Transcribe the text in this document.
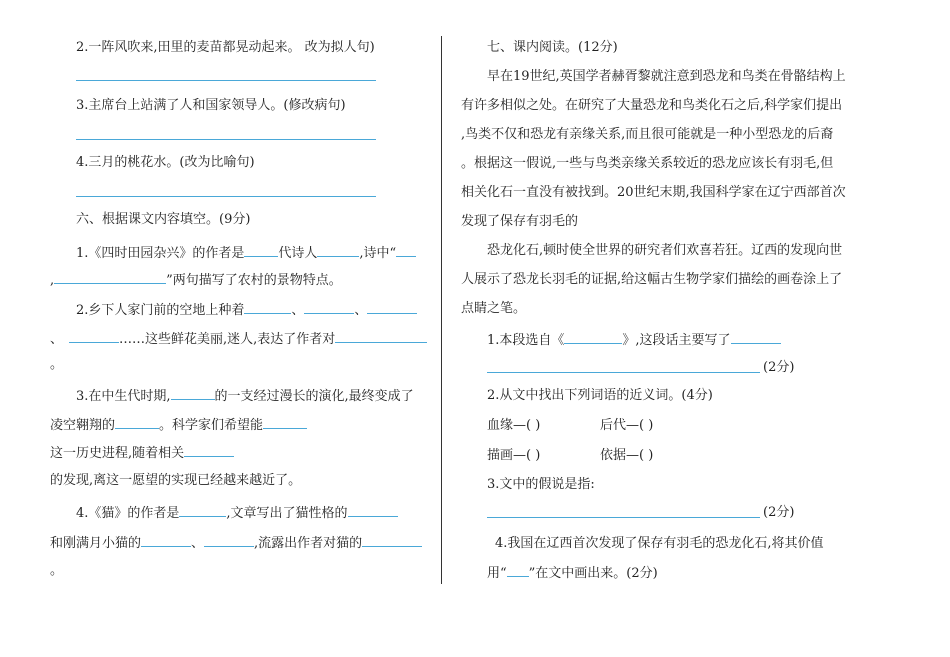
2.一阵风吹来,田里的麦苗都晃动起来。 改为拟人句)
3.主席台上站满了人和国家领导人。(修改病句)
4.三月的桃花水。(改为比喻句)
六、根据课文内容填空。(9分)
1.《四时田园杂兴》的作者是	代诗人	,诗中“
,	”两句描写了农村的景物特点。
2.乡下人家门前的空地上种着	、	、
、	……这些鲜花美丽,迷人,表达了作者对
。
3.在中生代时期,	的一支经过漫长的演化,最终变成了
凌空翱翔的	。科学家们希望能
这一历史进程,随着相关
的发现,离这一愿望的实现已经越来越近了。
4.《猫》的作者是	,文章写出了猫性格的
和刚满月小猫的	、	,流露出作者对猫的
。
七、课内阅读。(12分)
早在19世纪,英国学者赫胥黎就注意到恐龙和鸟类在骨骼结构上
有许多相似之处。在研究了大量恐龙和鸟类化石之后,科学家们提出
,鸟类不仅和恐龙有亲缘关系,而且很可能就是一种小型恐龙的后裔
。根据这一假说,一些与鸟类亲缘关系较近的恐龙应该长有羽毛,但
相关化石一直没有被找到。20世纪末期,我国科学家在辽宁西部首次
发现了保存有羽毛的
恐龙化石,顿时使全世界的研究者们欢喜若狂。辽西的发现向世
人展示了恐龙长羽毛的证据,给这幅古生物学家们描绘的画卷涂上了
点睛之笔。
1.本段选自《	》,这段话主要写了
(2分)
2.从文中找出下列词语的近义词。(4分)
血缘—( )	后代—( )
描画—( )	依据—( )
3.文中的假说是指:
(2分)
4.我国在辽西首次发现了保存有羽毛的恐龙化石,将其价值
用“ ”在文中画出来。(2分)
